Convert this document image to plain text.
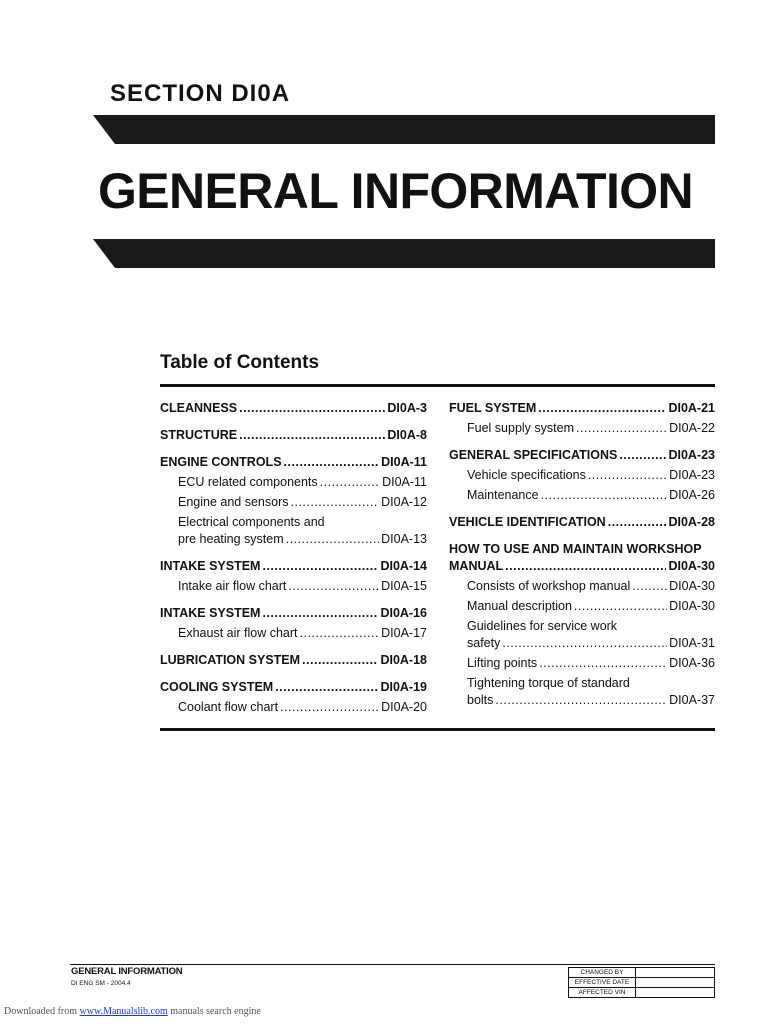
SECTION DI0A
GENERAL INFORMATION
Table of Contents
CLEANNESS .....	DI0A-3
STRUCTURE .....	DI0A-8
ENGINE CONTROLS .....	DI0A-11
ECU related components .....	DI0A-11
Engine and sensors .....	DI0A-12
Electrical components and
pre heating system .....	DI0A-13
INTAKE SYSTEM .....	DI0A-14
Intake air flow chart .....	DI0A-15
INTAKE SYSTEM .....	DI0A-16
Exhaust air flow chart .....	DI0A-17
LUBRICATION SYSTEM .....	DI0A-18
COOLING SYSTEM .....	DI0A-19
Coolant flow chart .....	DI0A-20
FUEL SYSTEM .....	DI0A-21
Fuel supply system .....	DI0A-22
GENERAL SPECIFICATIONS .....	DI0A-23
Vehicle specifications .....	DI0A-23
Maintenance .....	DI0A-26
VEHICLE IDENTIFICATION .....	DI0A-28
HOW TO USE AND MAINTAIN WORKSHOP
MANUAL .....	DI0A-30
Consists of workshop manual .....	DI0A-30
Manual description .....	DI0A-30
Guidelines for service work
safety .....	DI0A-31
Lifting points .....	DI0A-36
Tightening torque of standard
bolts .....	DI0A-37
GENERAL INFORMATION
DI ENG SM - 2004.4
CHANGED BY	
EFFECTIVE DATE	
AFFECTED VIN	
Downloaded from www.Manualslib.com manuals search engine
